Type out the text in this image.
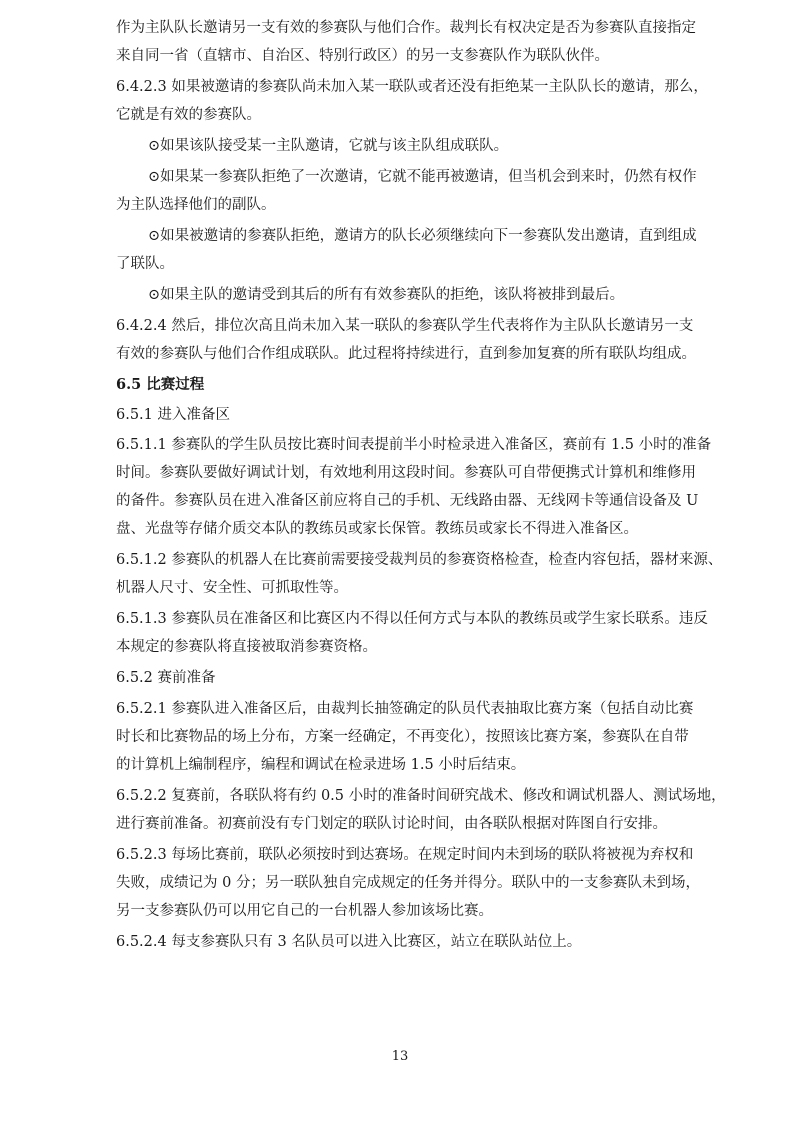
作为主队队长邀请另一支有效的参赛队与他们合作。裁判长有权决定是否为参赛队直接指定
来自同一省（直辖市、自治区、特别行政区）的另一支参赛队作为联队伙伴。
6.4.2.3 如果被邀请的参赛队尚未加入某一联队或者还没有拒绝某一主队队长的邀请，那么，
它就是有效的参赛队。
⊙如果该队接受某一主队邀请，它就与该主队组成联队。
⊙如果某一参赛队拒绝了一次邀请，它就不能再被邀请，但当机会到来时，仍然有权作
为主队选择他们的副队。
⊙如果被邀请的参赛队拒绝，邀请方的队长必须继续向下一参赛队发出邀请，直到组成
了联队。
⊙如果主队的邀请受到其后的所有有效参赛队的拒绝，该队将被排到最后。
6.4.2.4 然后，排位次高且尚未加入某一联队的参赛队学生代表将作为主队队长邀请另一支
有效的参赛队与他们合作组成联队。此过程将持续进行，直到参加复赛的所有联队均组成。
6.5 比赛过程
6.5.1 进入准备区
6.5.1.1 参赛队的学生队员按比赛时间表提前半小时检录进入准备区，赛前有 1.5 小时的准备
时间。参赛队要做好调试计划，有效地利用这段时间。参赛队可自带便携式计算机和维修用
的备件。参赛队员在进入准备区前应将自己的手机、无线路由器、无线网卡等通信设备及 U
盘、光盘等存储介质交本队的教练员或家长保管。教练员或家长不得进入准备区。
6.5.1.2 参赛队的机器人在比赛前需要接受裁判员的参赛资格检查，检查内容包括，器材来源、
机器人尺寸、安全性、可抓取性等。
6.5.1.3 参赛队员在准备区和比赛区内不得以任何方式与本队的教练员或学生家长联系。违反
本规定的参赛队将直接被取消参赛资格。
6.5.2 赛前准备
6.5.2.1 参赛队进入准备区后，由裁判长抽签确定的队员代表抽取比赛方案（包括自动比赛
时长和比赛物品的场上分布，方案一经确定，不再变化），按照该比赛方案，参赛队在自带
的计算机上编制程序，编程和调试在检录进场 1.5 小时后结束。
6.5.2.2 复赛前，各联队将有约 0.5 小时的准备时间研究战术、修改和调试机器人、测试场地，
进行赛前准备。初赛前没有专门划定的联队讨论时间，由各联队根据对阵图自行安排。
6.5.2.3 每场比赛前，联队必须按时到达赛场。在规定时间内未到场的联队将被视为弃权和
失败，成绩记为 0 分；另一联队独自完成规定的任务并得分。联队中的一支参赛队未到场，
另一支参赛队仍可以用它自己的一台机器人参加该场比赛。
6.5.2.4 每支参赛队只有 3 名队员可以进入比赛区，站立在联队站位上。
13
